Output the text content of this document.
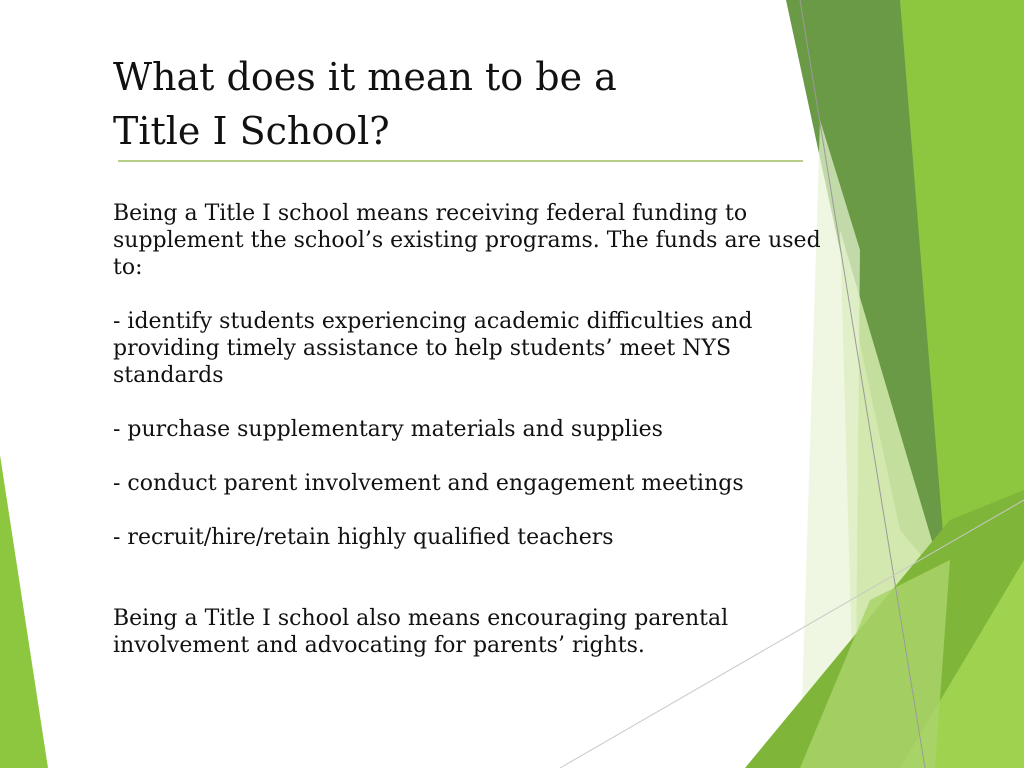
What does it mean to be a
Title I School?

Being a Title I school means receiving federal funding to supplement the school’s existing programs. The funds are used to:

- identify students experiencing academic difficulties and providing timely assistance to help students’ meet NYS standards

- purchase supplementary materials and supplies

- conduct parent involvement and engagement meetings

- recruit/hire/retain highly qualified teachers

Being a Title I school also means encouraging parental involvement and advocating for parents’ rights.
